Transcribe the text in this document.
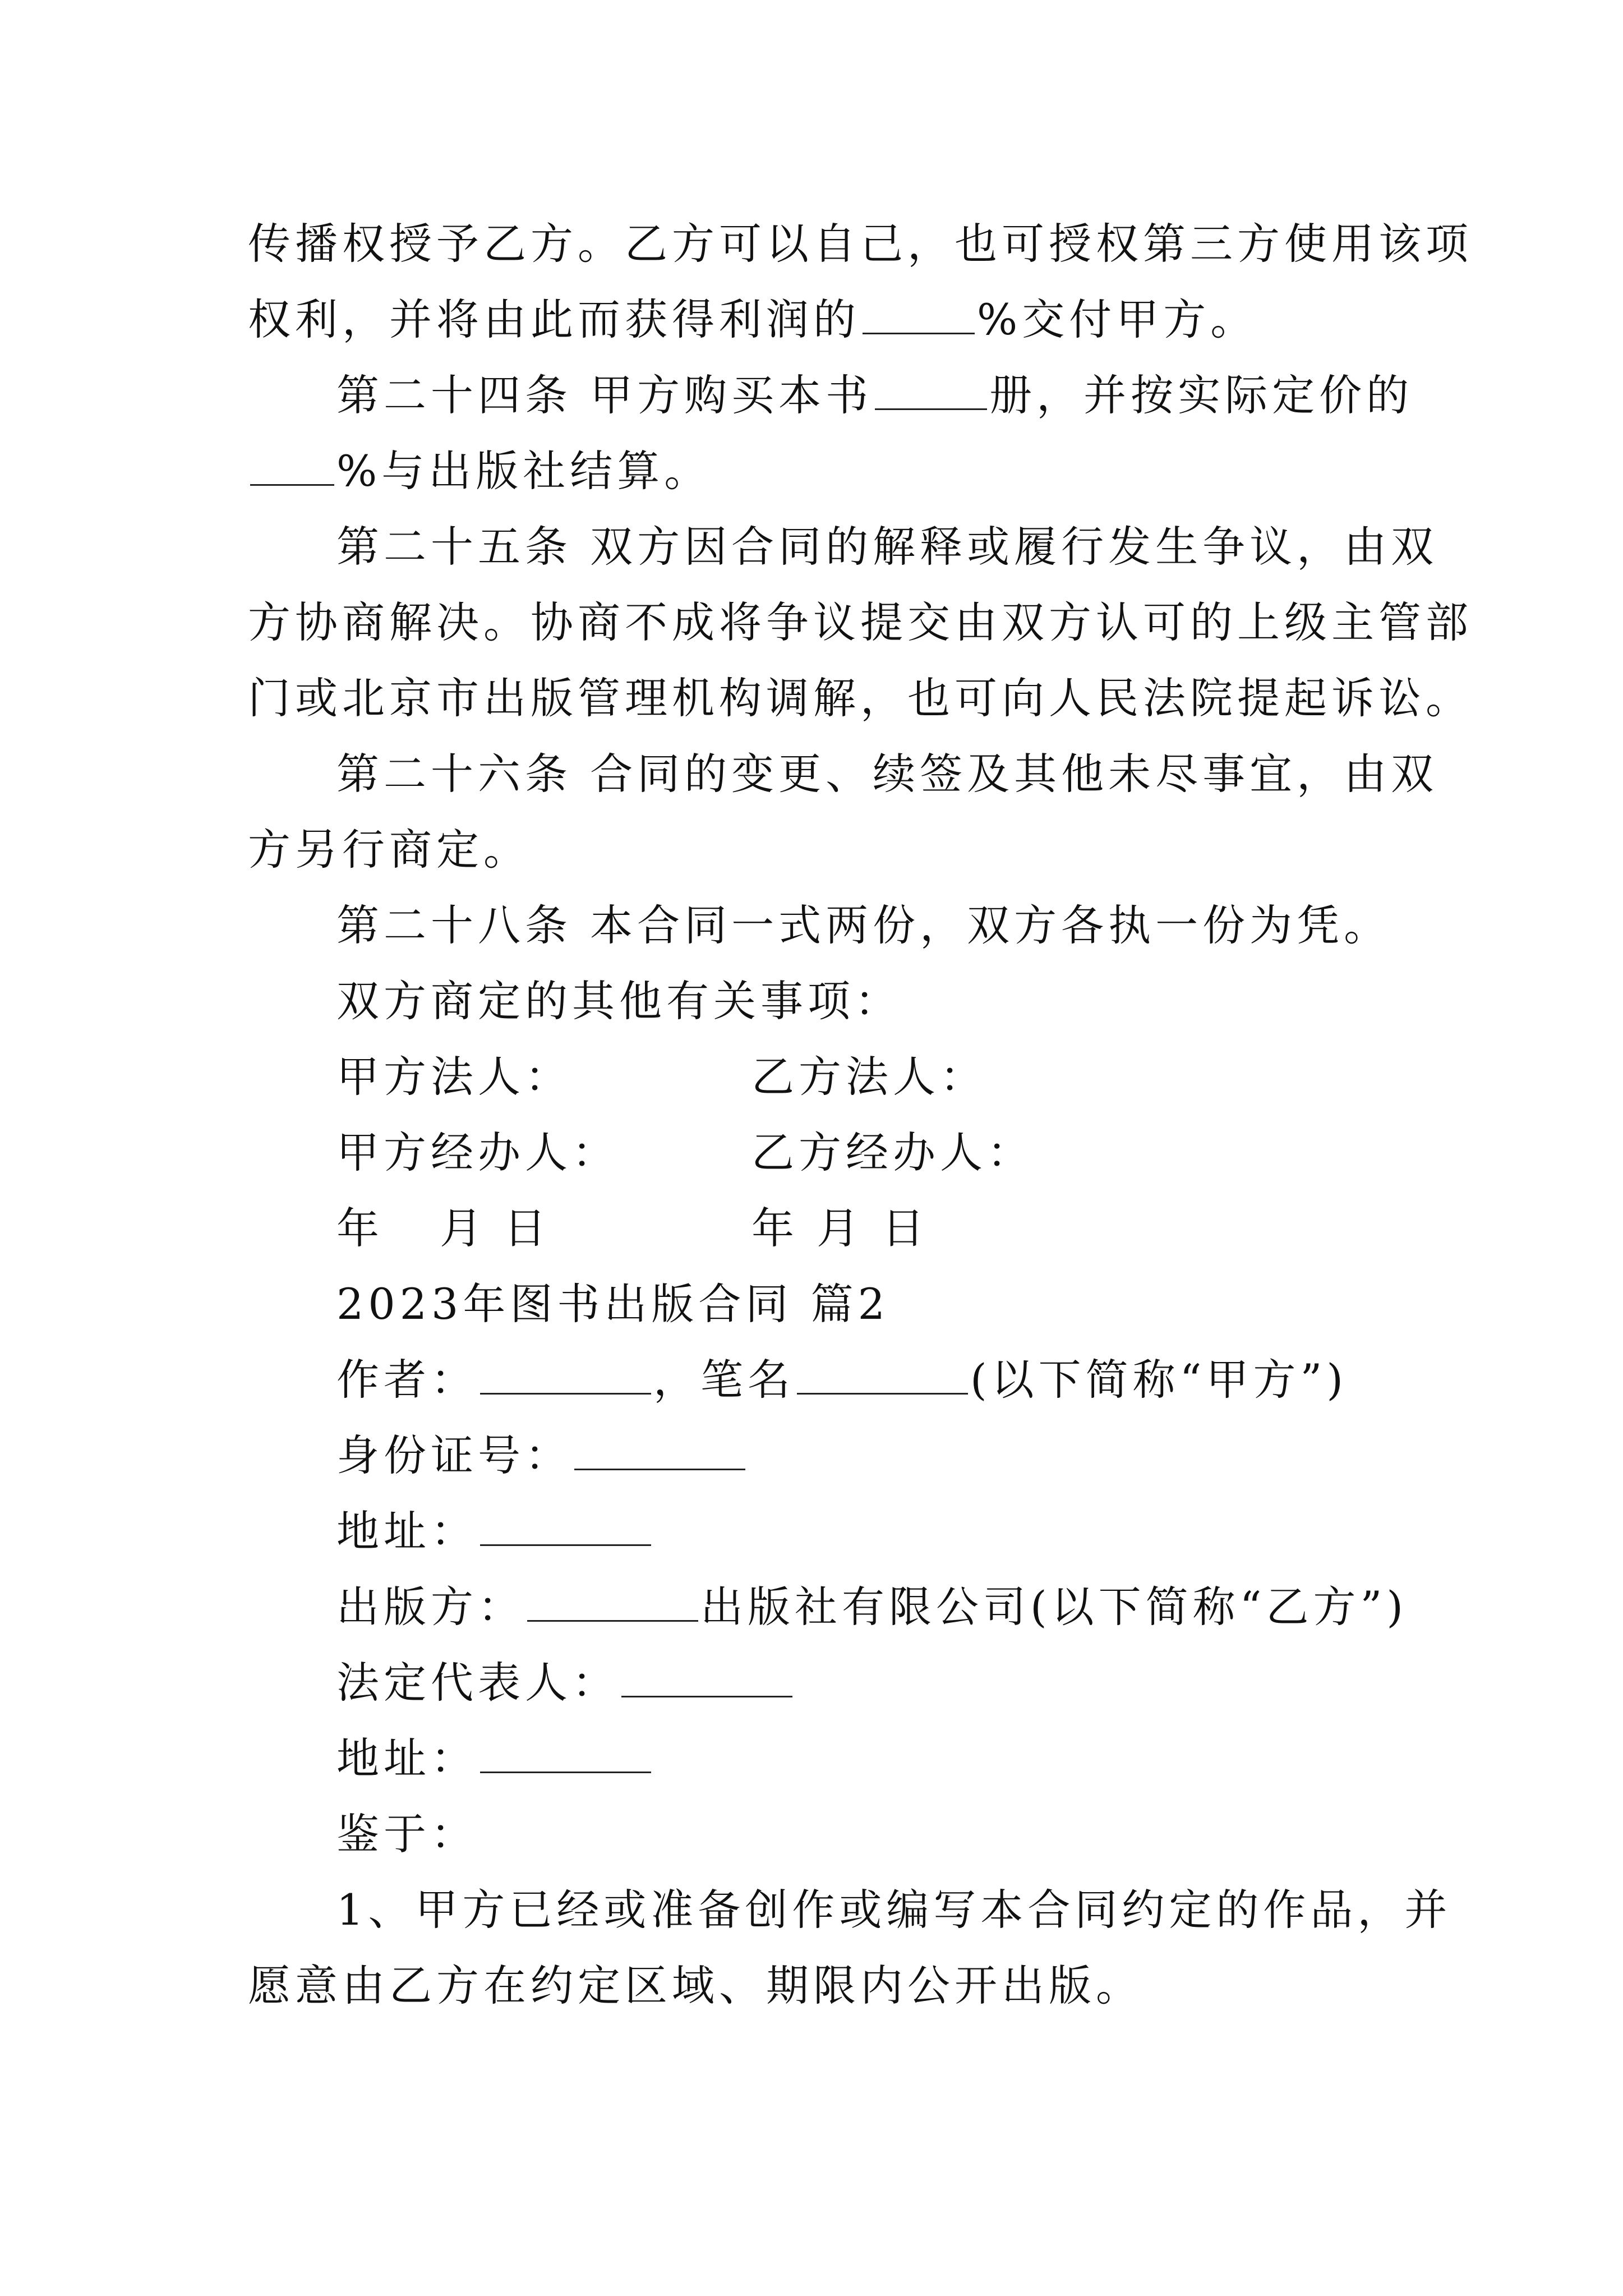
传播权授予乙方。乙方可以自己，也可授权第三方使用该项
权利，并将由此而获得利润的	%交付甲方。
第二十四条 甲方购买本书	册，并按实际定价的
%与出版社结算。
第二十五条 双方因合同的解释或履行发生争议，由双
方协商解决。协商不成将争议提交由双方认可的上级主管部
门或北京市出版管理机构调解，也可向人民法院提起诉讼。
第二十六条 合同的变更、续签及其他未尽事宜，由双
方另行商定。
第二十八条 本合同一式两份，双方各执一份为凭。
双方商定的其他有关事项：
甲方法人：	乙方法人：
甲方经办人：	乙方经办人：
年 月 日	年 月 日
2023年图书出版合同 篇2
作者：	，笔名	(以下简称“甲方”)
身份证号：
地址：
出版方：	出版社有限公司(以下简称“乙方”)
法定代表人：
地址：
鉴于：
1、甲方已经或准备创作或编写本合同约定的作品，并
愿意由乙方在约定区域、期限内公开出版。
